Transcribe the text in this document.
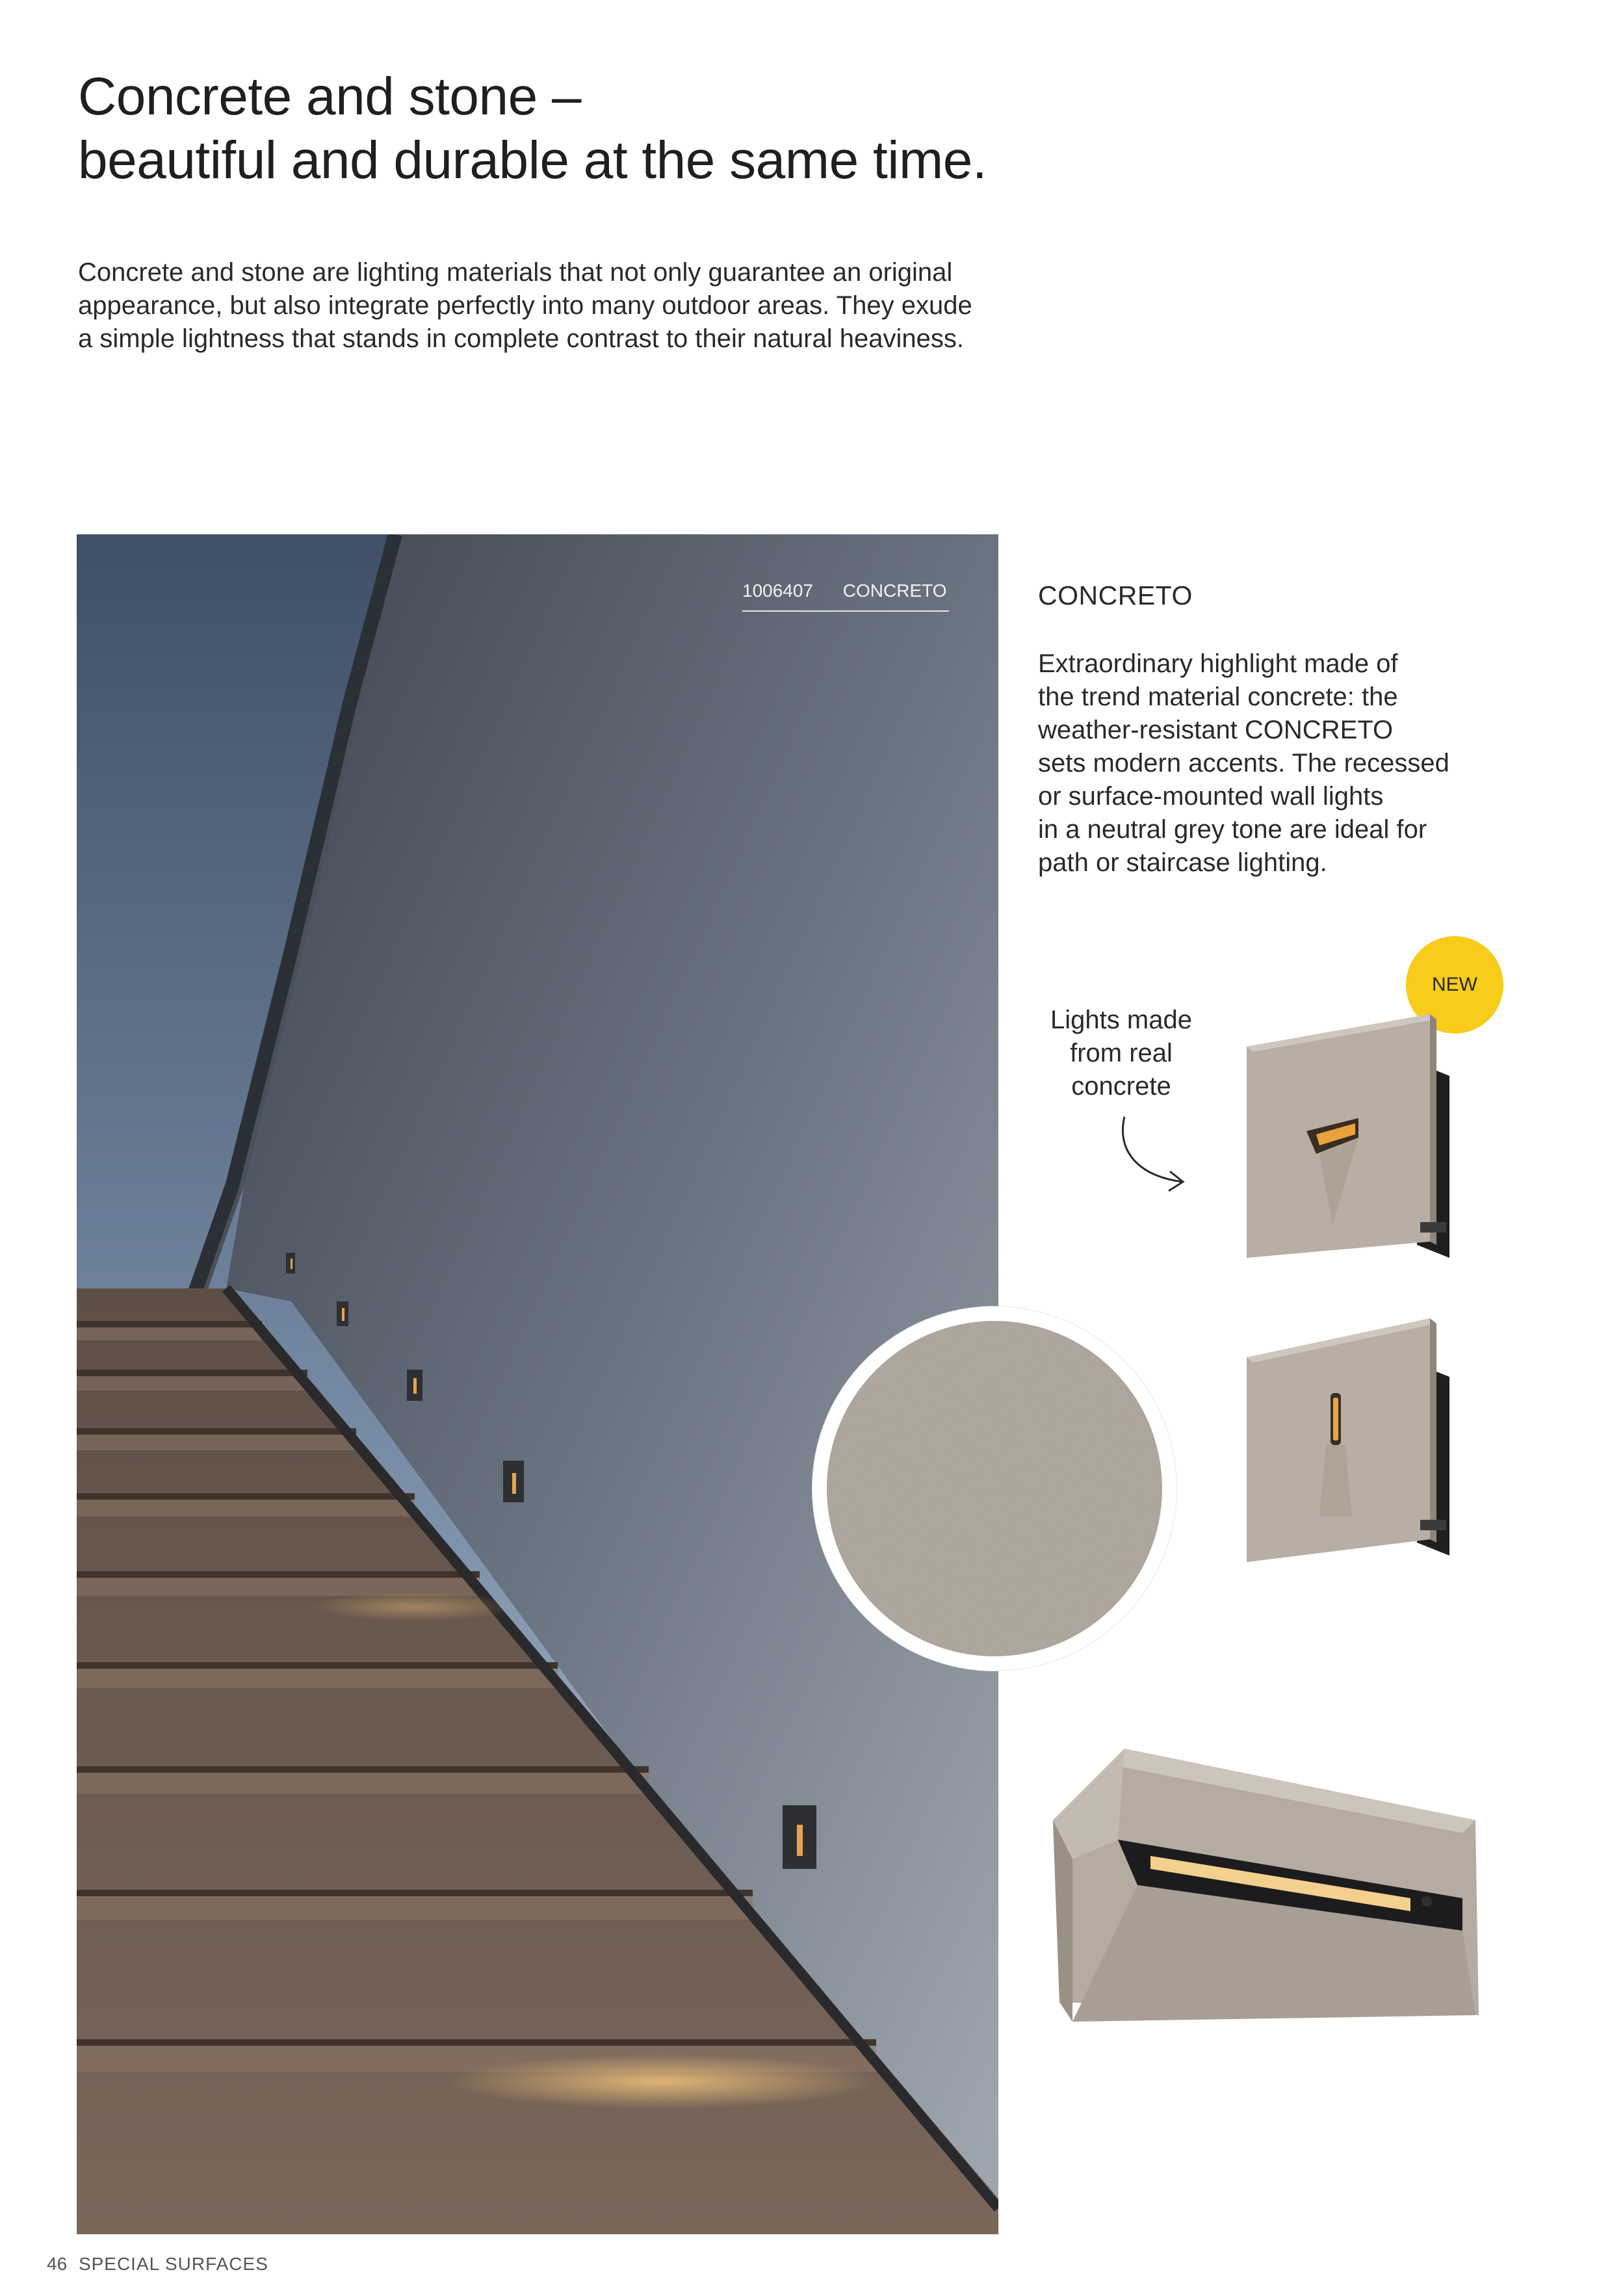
Concrete and stone –
beautiful and durable at the same time.
Concrete and stone are lighting materials that not only guarantee an original
appearance, but also integrate perfectly into many outdoor areas. They exude
a simple lightness that stands in complete contrast to their natural heaviness.
1006407 CONCRETO	CONCRETO
Extraordinary highlight made of
the trend material concrete: the
weather-resistant CONCRETO
sets modern accents. The recessed
or surface-mounted wall lights
in a neutral grey tone are ideal for
path or staircase lighting.
NEW
Lights made
from real
concrete
46 SPECIAL SURFACES
